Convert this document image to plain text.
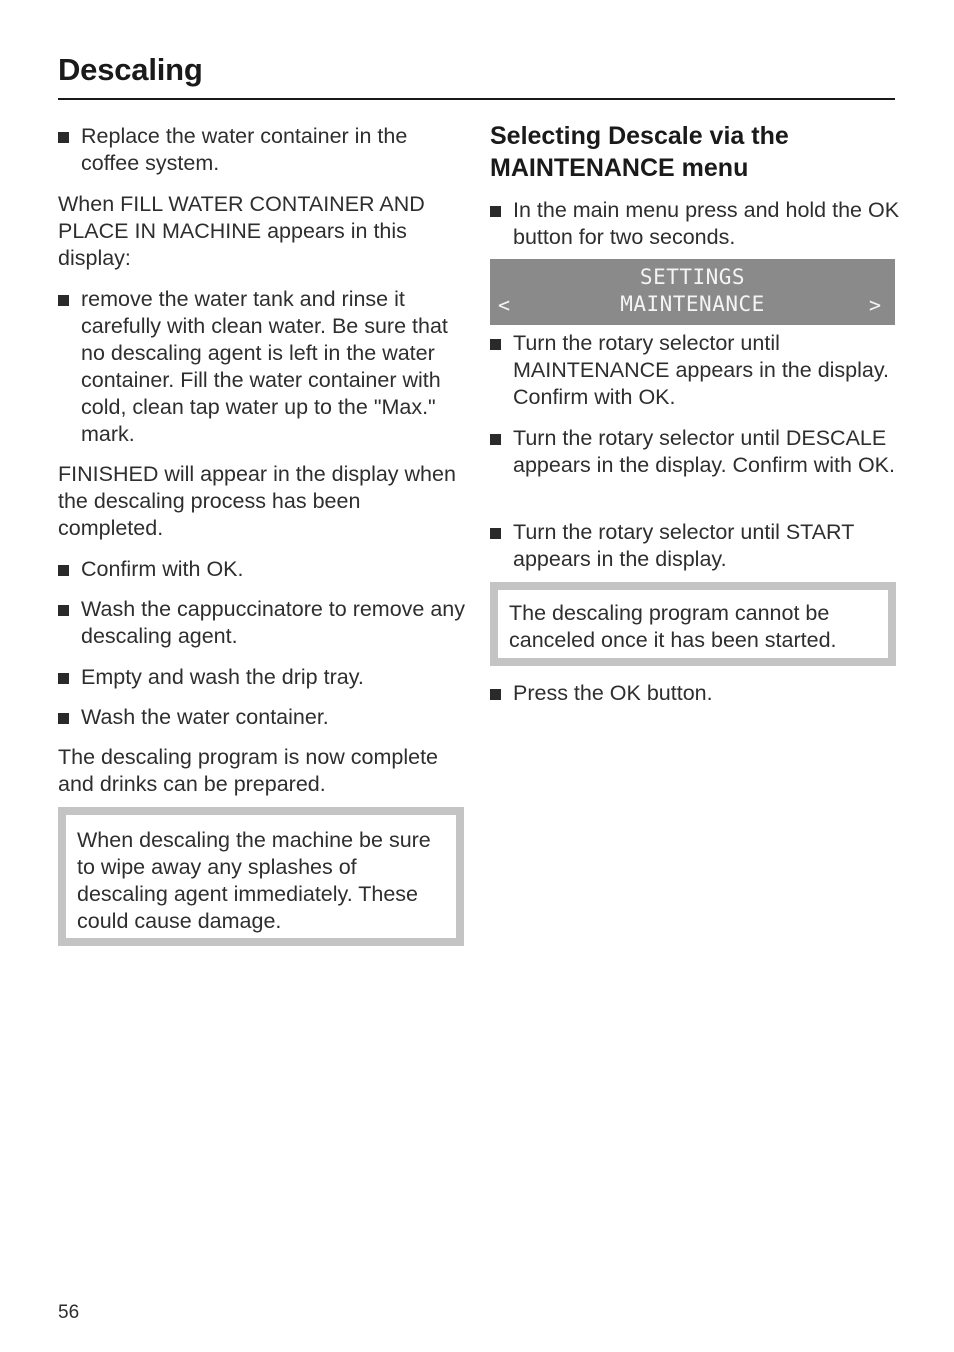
Descaling
Replace the water container in the coffee system.

When FILL WATER CONTAINER AND PLACE IN MACHINE appears in this display:

remove the water tank and rinse it carefully with clean water. Be sure that no descaling agent is left in the water container. Fill the water container with cold, clean tap water up to the "Max." mark.

FINISHED will appear in the display when the descaling process has been completed.

Confirm with OK.
Wash the cappuccinatore to remove any descaling agent.
Empty and wash the drip tray.
Wash the water container.

The descaling program is now complete and drinks can be prepared.

When descaling the machine be sure to wipe away any splashes of descaling agent immediately. These could cause damage.

Selecting Descale via the MAINTENANCE menu
In the main menu press and hold the OK button for two seconds.
SETTINGS
<	MAINTENANCE	>
Turn the rotary selector until MAINTENANCE appears in the display. Confirm with OK.
Turn the rotary selector until DESCALE appears in the display. Confirm with OK.
Turn the rotary selector until START appears in the display.

The descaling program cannot be canceled once it has been started.

Press the OK button.
56
